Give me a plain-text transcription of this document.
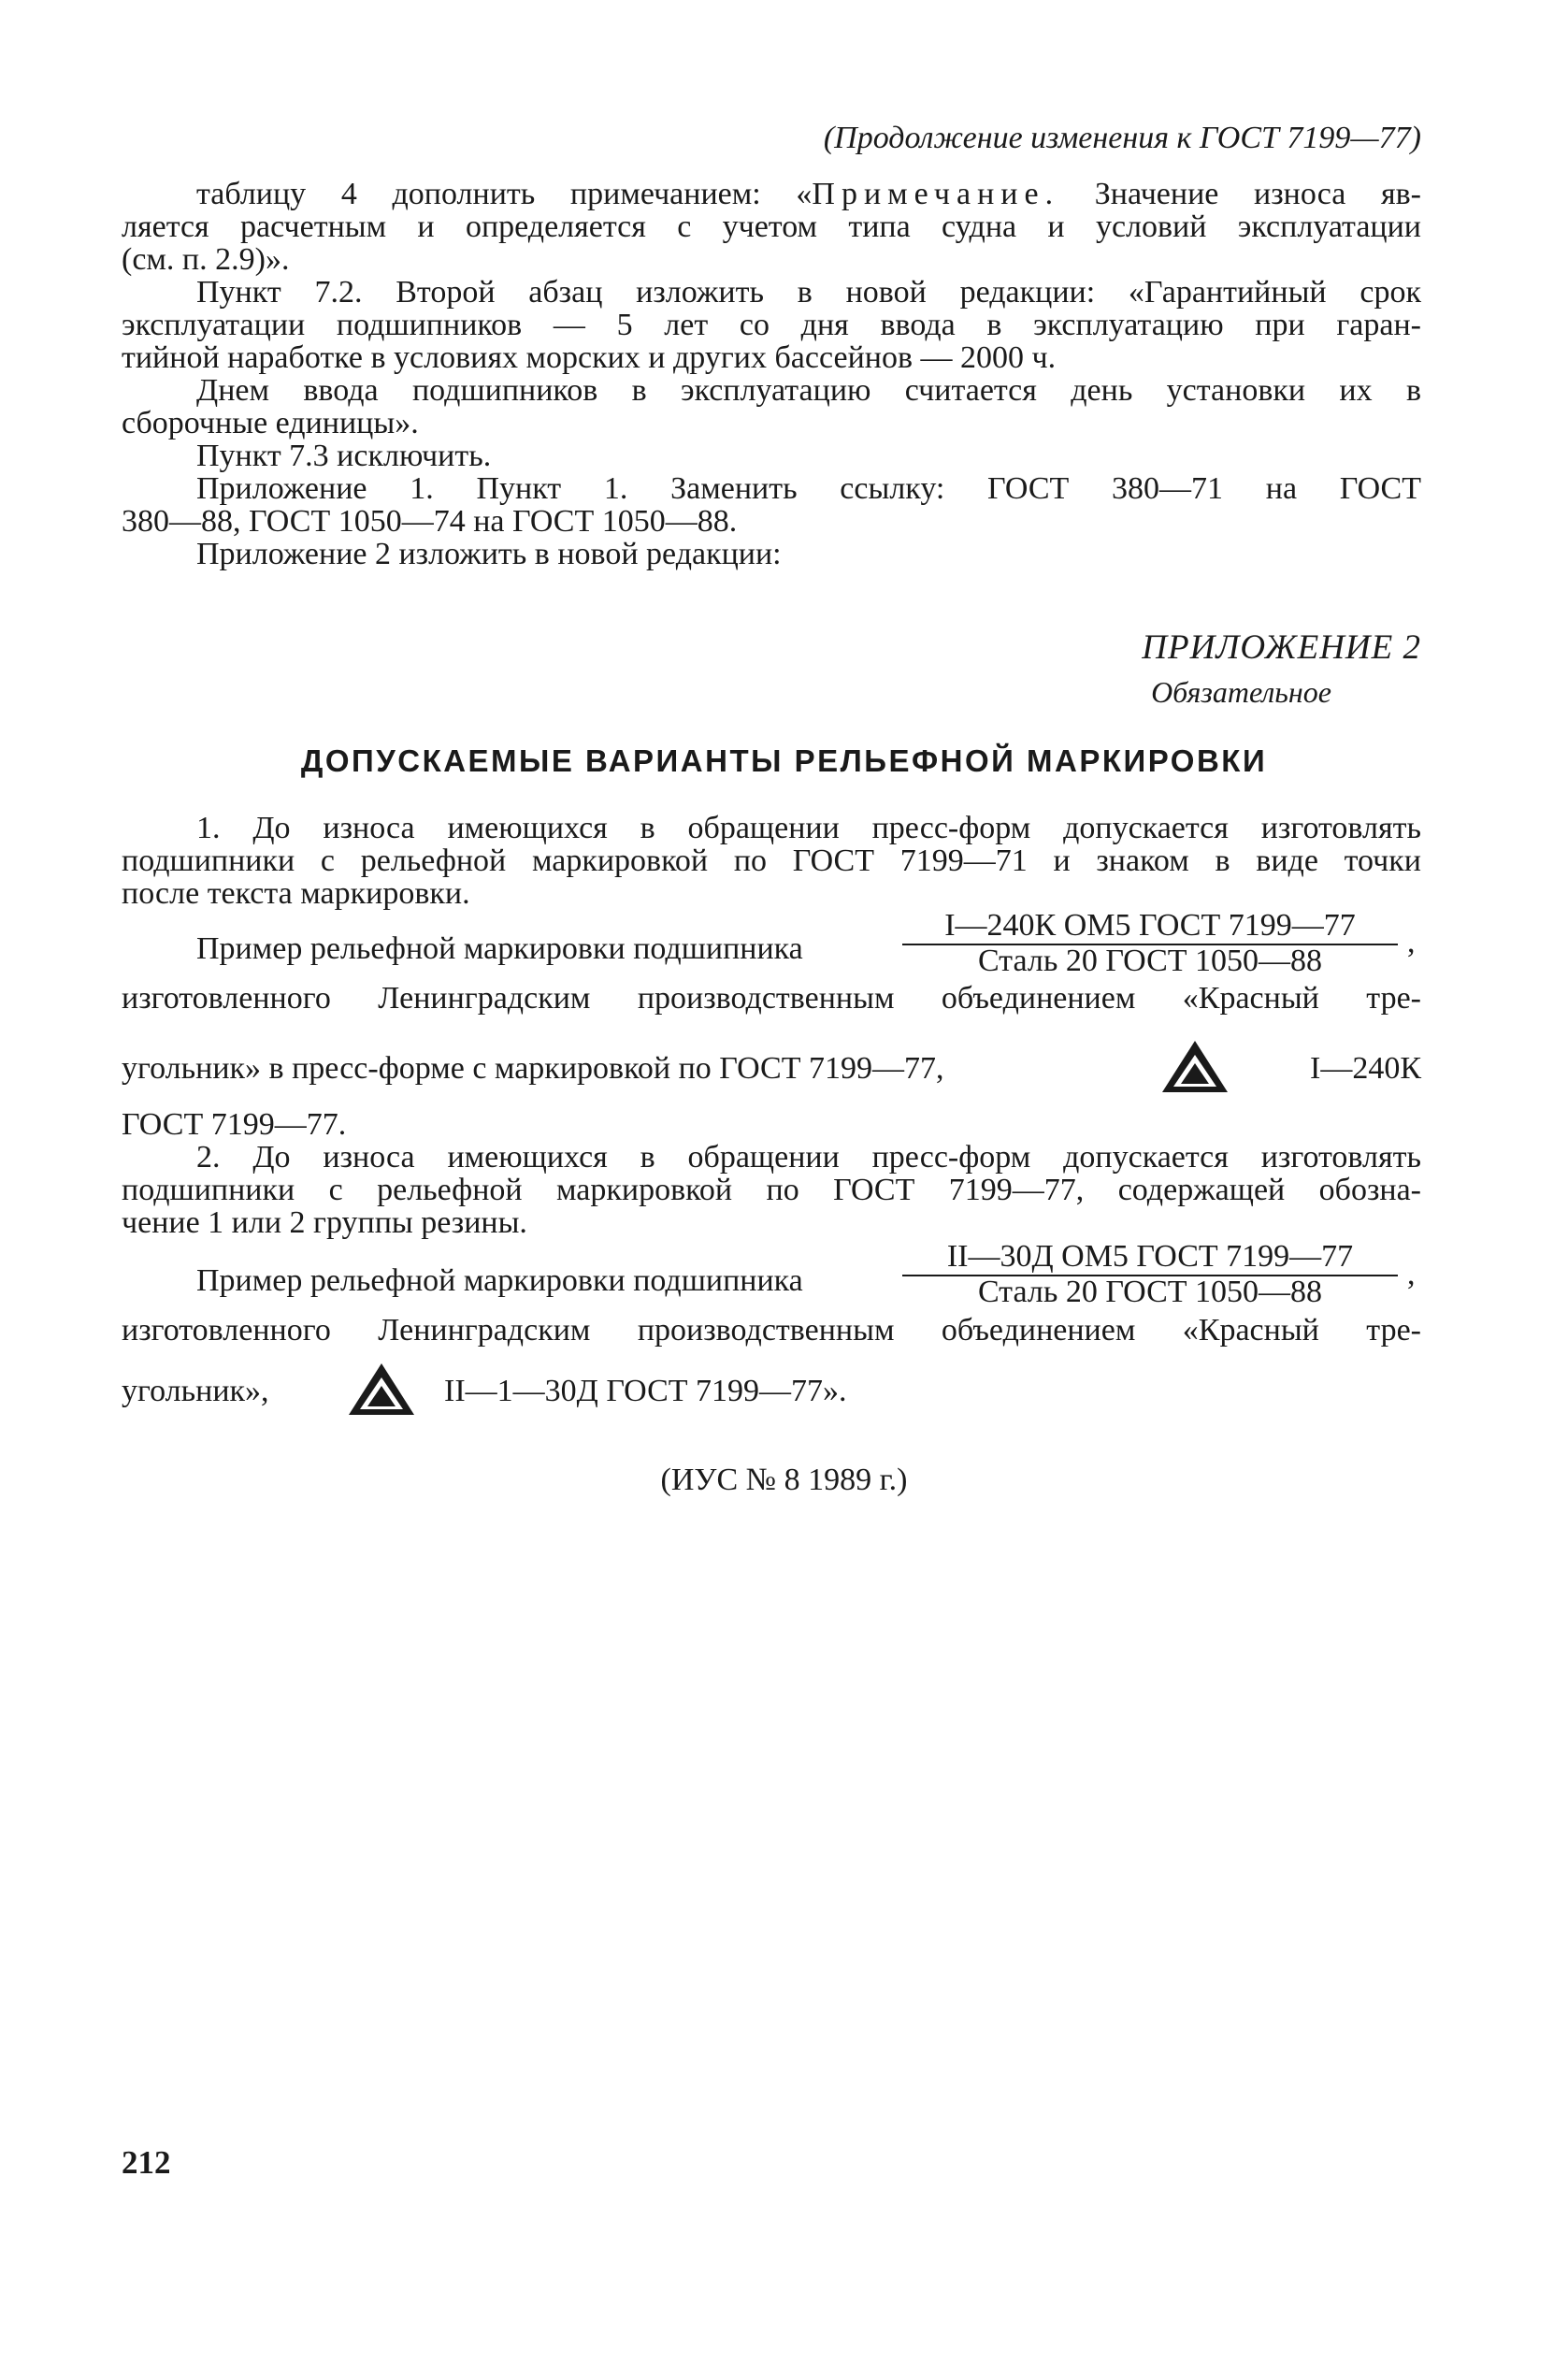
(Продолжение изменения к ГОСТ 7199—77)
таблицу 4 дополнить примечанием: «Примечание. Значение износа яв-
ляется расчетным и определяется с учетом типа судна и условий эксплуатации
(см. п. 2.9)».
Пункт 7.2. Второй абзац изложить в новой редакции: «Гарантийный срок
эксплуатации подшипников — 5 лет со дня ввода в эксплуатацию при гаран-
тийной наработке в условиях морских и других бассейнов — 2000 ч.
Днем ввода подшипников в эксплуатацию считается день установки их в
сборочные единицы».
Пункт 7.3 исключить.
Приложение 1. Пункт 1. Заменить ссылку: ГОСТ 380—71 на ГОСТ
380—88, ГОСТ 1050—74 на ГОСТ 1050—88.
Приложение 2 изложить в новой редакции:
ПРИЛОЖЕНИЕ 2
Обязательное
ДОПУСКАЕМЫЕ ВАРИАНТЫ РЕЛЬЕФНОЙ МАРКИРОВКИ
1. До износа имеющихся в обращении пресс-форм допускается изготовлять
подшипники с рельефной маркировкой по ГОСТ 7199—71 и знаком в виде точки
после текста маркировки.
Пример рельефной маркировки подшипника
I—240К ОМ5 ГОСТ 7199—77
Сталь 20 ГОСТ 1050—88
,
изготовленного Ленинградским производственным объединением «Красный тре-
угольник» в пресс-форме с маркировкой по ГОСТ 7199—77,	I—240К
ГОСТ 7199—77.
2. До износа имеющихся в обращении пресс-форм допускается изготовлять
подшипники с рельефной маркировкой по ГОСТ 7199—77, содержащей обозна-
чение 1 или 2 группы резины.
Пример рельефной маркировки подшипника
II—30Д ОМ5 ГОСТ 7199—77
Сталь 20 ГОСТ 1050—88
,
изготовленного Ленинградским производственным объединением «Красный тре-
угольник»,	II—1—30Д ГОСТ 7199—77».
(ИУС № 8 1989 г.)
212
